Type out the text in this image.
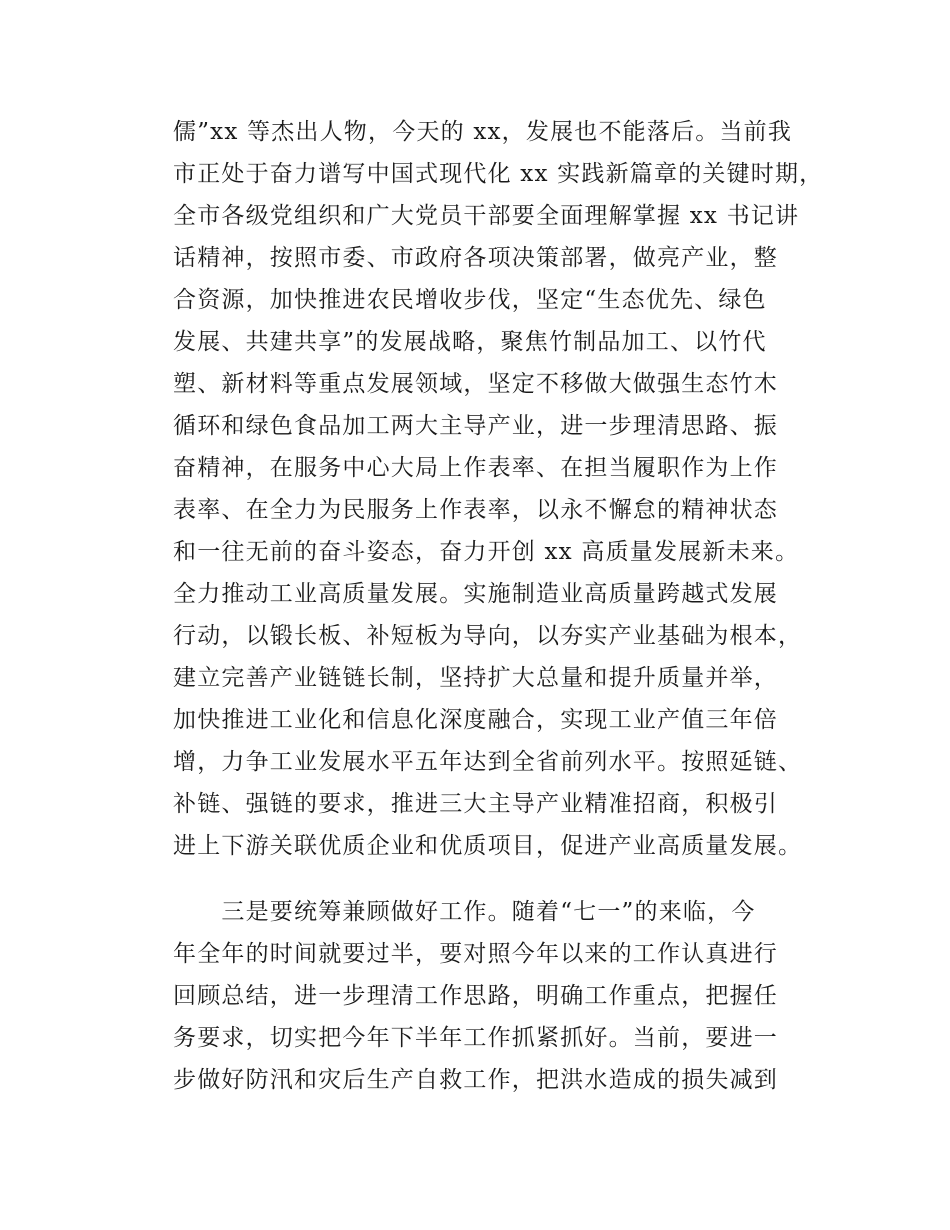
儒”xx 等杰出人物，今天的 xx，发展也不能落后。当前我
市正处于奋力谱写中国式现代化 xx 实践新篇章的关键时期，
全市各级党组织和广大党员干部要全面理解掌握 xx 书记讲
话精神，按照市委、市政府各项决策部署，做亮产业，整
合资源，加快推进农民增收步伐，坚定“生态优先、绿色
发展、共建共享”的发展战略，聚焦竹制品加工、以竹代
塑、新材料等重点发展领域，坚定不移做大做强生态竹木
循环和绿色食品加工两大主导产业，进一步理清思路、振
奋精神，在服务中心大局上作表率、在担当履职作为上作
表率、在全力为民服务上作表率，以永不懈怠的精神状态
和一往无前的奋斗姿态，奋力开创 xx 高质量发展新未来。
全力推动工业高质量发展。实施制造业高质量跨越式发展
行动，以锻长板、补短板为导向，以夯实产业基础为根本，
建立完善产业链链长制，坚持扩大总量和提升质量并举，
加快推进工业化和信息化深度融合，实现工业产值三年倍
增，力争工业发展水平五年达到全省前列水平。按照延链、
补链、强链的要求，推进三大主导产业精准招商，积极引
进上下游关联优质企业和优质项目，促进产业高质量发展。
　　三是要统筹兼顾做好工作。随着“七一”的来临，今
年全年的时间就要过半，要对照今年以来的工作认真进行
回顾总结，进一步理清工作思路，明确工作重点，把握任
务要求，切实把今年下半年工作抓紧抓好。当前，要进一
步做好防汛和灾后生产自救工作，把洪水造成的损失减到
